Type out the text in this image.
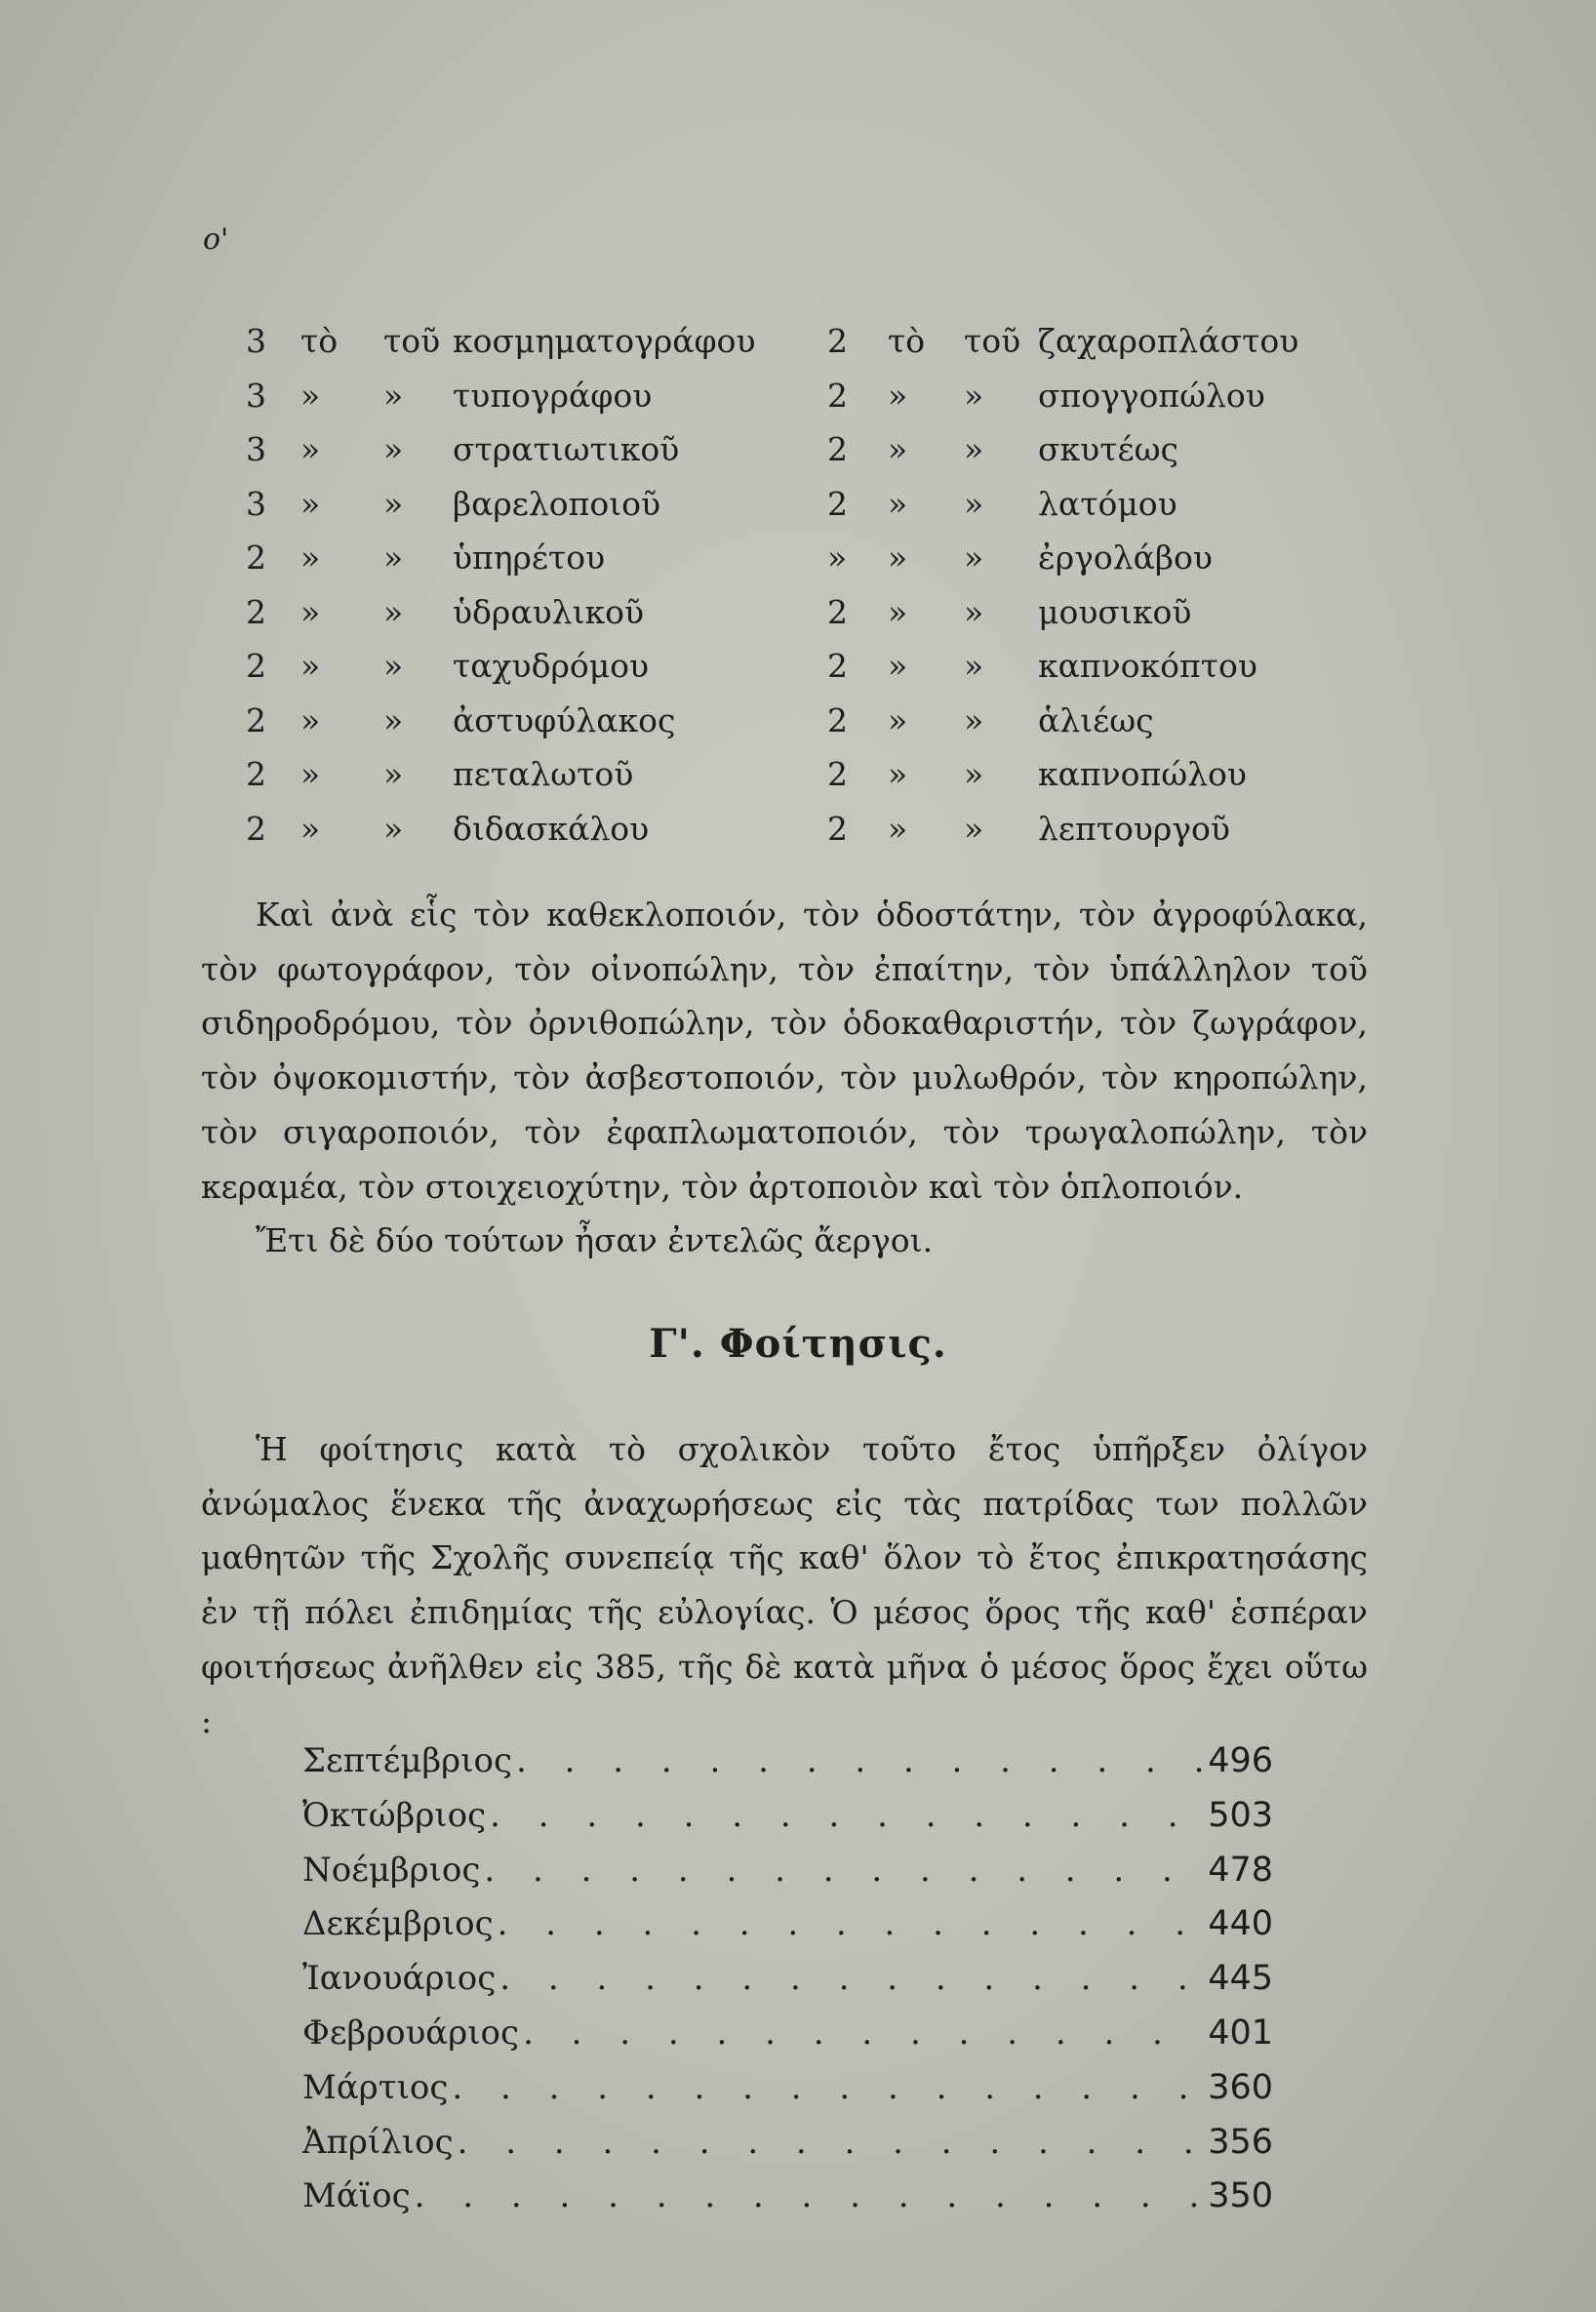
ο'
3 τὸ τοῦ κοσμηματογράφου 2 τὸ τοῦ ζαχαροπλάστου
3 » » τυπογράφου	2 » » σπογγοπώλου
3 » » στρατιωτικοῦ	2 » » σκυτέως
3 » » βαρελοποιοῦ	2 » » λατόμου
2 » » ὑπηρέτου	» » » ἐργολάβου
2 » » ὑδραυλικοῦ	2 » » μουσικοῦ
2 » » ταχυδρόμου	2 » » καπνοκόπτου
2 » » ἀστυφύλακος	2 » » ἁλιέως
2 » » πεταλωτοῦ	2 » » καπνοπώλου
2 » » διδασκάλου	2 » » λεπτουργοῦ

Καὶ ἀνὰ εἷς τὸν καθεκλοποιόν, τὸν ὁδοστάτην, τὸν ἀγροφύλακα, τὸν φωτογράφον, τὸν οἰνοπώλην, τὸν ἐπαίτην, τὸν ὑπάλληλον τοῦ σιδηροδρόμου, τὸν ὀρνιθοπώλην, τὸν ὁδοκαθαριστήν, τὸν ζωγράφον, τὸν ὀψοκομιστήν, τὸν ἀσβεστοποιόν, τὸν μυλωθρόν, τὸν κηροπώλην, τὸν σιγαροποιόν, τὸν ἐφαπλωματοποιόν, τὸν τρωγαλοπώλην, τὸν κεραμέα, τὸν στοιχειοχύτην, τὸν ἀρτοποιὸν καὶ τὸν ὁπλοποιόν.

Ἔτι δὲ δύο τούτων ἦσαν ἐντελῶς ἄεργοι.

Γ'. Φοίτησις.

Ἡ φοίτησις κατὰ τὸ σχολικὸν τοῦτο ἔτος ὑπῆρξεν ὀλίγον ἀνώμαλος ἕνεκα τῆς ἀναχωρήσεως εἰς τὰς πατρίδας των πολλῶν μαθητῶν τῆς Σχολῆς συνεπείᾳ τῆς καθ' ὅλον τὸ ἔτος ἐπικρατησάσης ἐν τῇ πόλει ἐπιδημίας τῆς εὐλογίας. Ὁ μέσος ὅρος τῆς καθ' ἑσπέραν φοιτήσεως ἀνῆλθεν εἰς 385, τῆς δὲ κατὰ μῆνα ὁ μέσος ὅρος ἔχει οὕτω :

Σεπτέμβριος . . .	496
Ὀκτώβριος . . .	503
Νοέμβριος . . .	478
Δεκέμβριος . . .	440
Ἰανουάριος . . .	445
Φεβρουάριος . . .	401
Μάρτιος . . .	360
Ἀπρίλιος . . .	356
Μάϊος . . .	350
